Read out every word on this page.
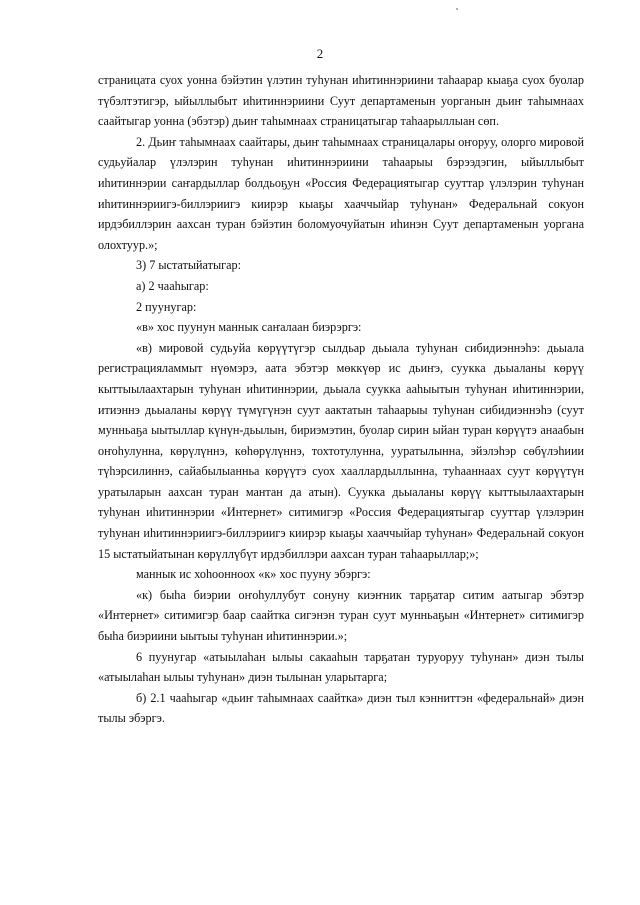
2

страницата суох уонна бэйэтин үлэтин туһунан иһитиннэриини таһаарар кыаҕа суох буолар түбэлтэтигэр, ыйыллыбыт иһитиннэриини Суут департаменын уорганын дьиҥ таһымнаах саайтыгар уонна (эбэтэр) дьиҥ таһымнаах страницатыгар таһаарыллыан сөп.

2. Дьиҥ таһымнаах саайтары, дьиҥ таһымнаах страницалары оҥоруу, олорго мировой судьуйалар үлэлэрин туһунан иһитиннэриини таһаарыы бэрээдэгин, ыйыллыбыт иһитиннэрии саҥардыллар болдьоҕун «Россия Федерациятыгар сууттар үлэлэрин туһунан иһитиннэриигэ-биллэриигэ киирэр кыаҕы хааччыйар туһунан» Федеральнай сокуон ирдэбиллэрин аахсан туран бэйэтин боломуочуйатын иһинэн Суут департаменын уоргана олохтуур.»;

3) 7 ыстатыйатыгар:

а) 2 чааһыгар:

2 пуунугар:

«в» хос пуунун маннык саҥалаан биэрэргэ:

«в) мировой судьуйа көрүүтүгэр сылдьар дьыала туһунан сибидиэннэһэ: дьыала регистрацияламмыт нүөмэрэ, аата эбэтэр мөккүөр ис дьиҥэ, суукка дьыаланы көрүү кыттыылаахтарын туһунан иһитиннэрии, дьыала суукка ааһыытын туһунан иһитиннэрии, итиэннэ дьыаланы көрүү түмүгүнэн суут аактатын таһаарыы туһунан сибидиэннэһэ (суут мунньаҕа ыытыллар күнүн-дьылын, бириэмэтин, буолар сирин ыйан туран көрүүтэ анаабын оҥоһулунна, көрүлүннэ, көһөрүлүннэ, тохтотулунна, ууратылынна, эйэлэһэр сөбүлэһиии түһэрсилиннэ, сайабылыанньа көрүүтэ суох хааллардыллынна, туһааннаах суут көрүүтүн уратыларын аахсан туран мантан да атын). Суукка дьыаланы көрүү кыттыылаахтарын туһунан иһитиннэрии «Интернет» ситимигэр «Россия Федерациятыгар сууттар үлэлэрин туһунан иһитиннэриигэ-биллэриигэ киирэр кыаҕы хааччыйар туһунан» Федеральнай сокуон 15 ыстатыйатынан көрүллүбүт ирдэбиллэри аахсан туран таһаарыллар;»;

маннык ис хоһоонноох «к» хос пууну эбэргэ:

«к) быһа биэрии оҥоһуллубут сонуну киэҥник тарҕатар ситим аатыгар эбэтэр «Интернет» ситимигэр баар саайтка сигэнэн туран суут мунньаҕын «Интернет» ситимигэр быһа биэриини ыытыы туһунан иһитиннэрии.»;

6 пуунугар «атыылаһан ылыы сакааһын тарҕатан туруоруу туһунан» диэн тылы «атыылаһан ылыы туһунан» диэн тылынан уларытарга;

б) 2.1 чааһыгар «дьиҥ таһымнаах саайтка» диэн тыл кэнниттэн «федеральнай» диэн тылы эбэргэ.
